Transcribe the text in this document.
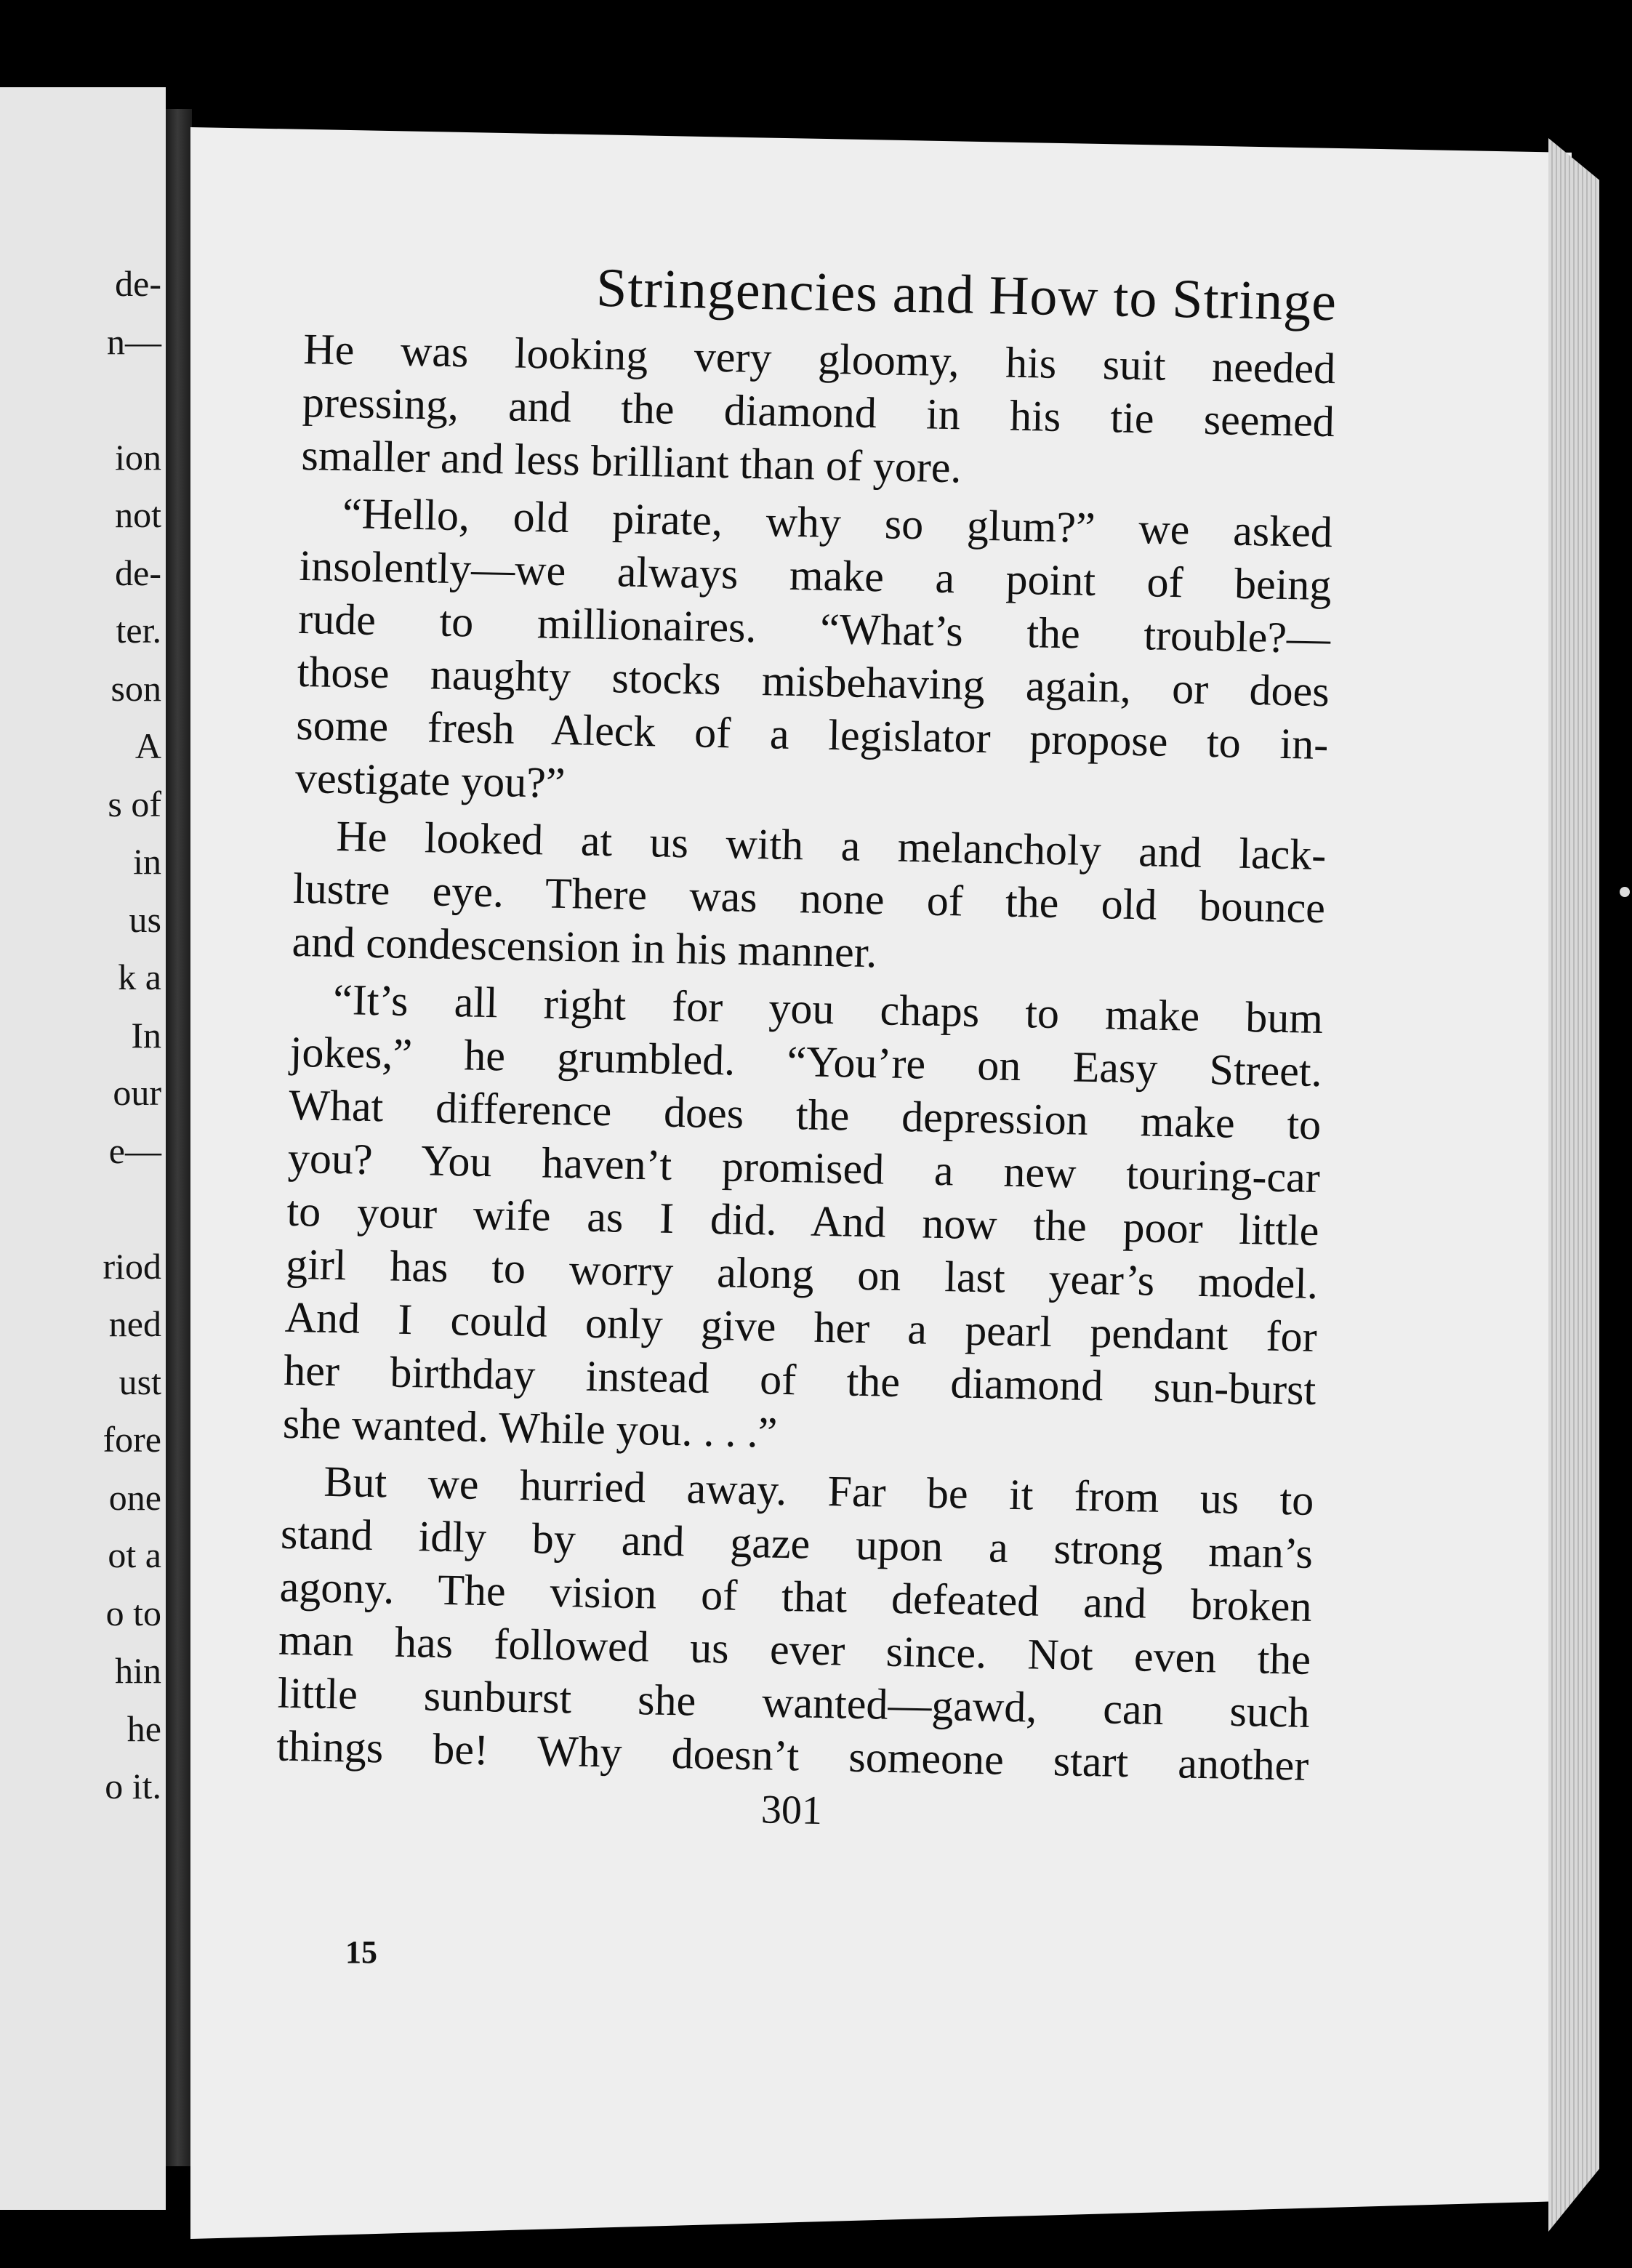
de-
n—
ion
not
de-
ter.
son
A
s of
in
us
k a
In
our
e—
riod
ned
ust
fore
one
ot a
o to
hin
he
o it.
Stringencies and How to Stringe
He was looking very gloomy, his suit needed
pressing, and the diamond in his tie seemed
smaller and less brilliant than of yore.
“Hello, old pirate, why so glum?” we asked
insolently—we always make a point of being
rude to millionaires. “What’s the trouble?—
those naughty stocks misbehaving again, or does
some fresh Aleck of a legislator propose to in-
vestigate you?”
He looked at us with a melancholy and lack-
lustre eye. There was none of the old bounce
and condescension in his manner.
“It’s all right for you chaps to make bum
jokes,” he grumbled. “You’re on Easy Street.
What difference does the depression make to
you? You haven’t promised a new touring-car
to your wife as I did. And now the poor little
girl has to worry along on last year’s model.
And I could only give her a pearl pendant for
her birthday instead of the diamond sun-burst
she wanted. While you. . . .”
But we hurried away. Far be it from us to
stand idly by and gaze upon a strong man’s
agony. The vision of that defeated and broken
man has followed us ever since. Not even the
little sunburst she wanted—gawd, can such
things be! Why doesn’t someone start another
301
15
